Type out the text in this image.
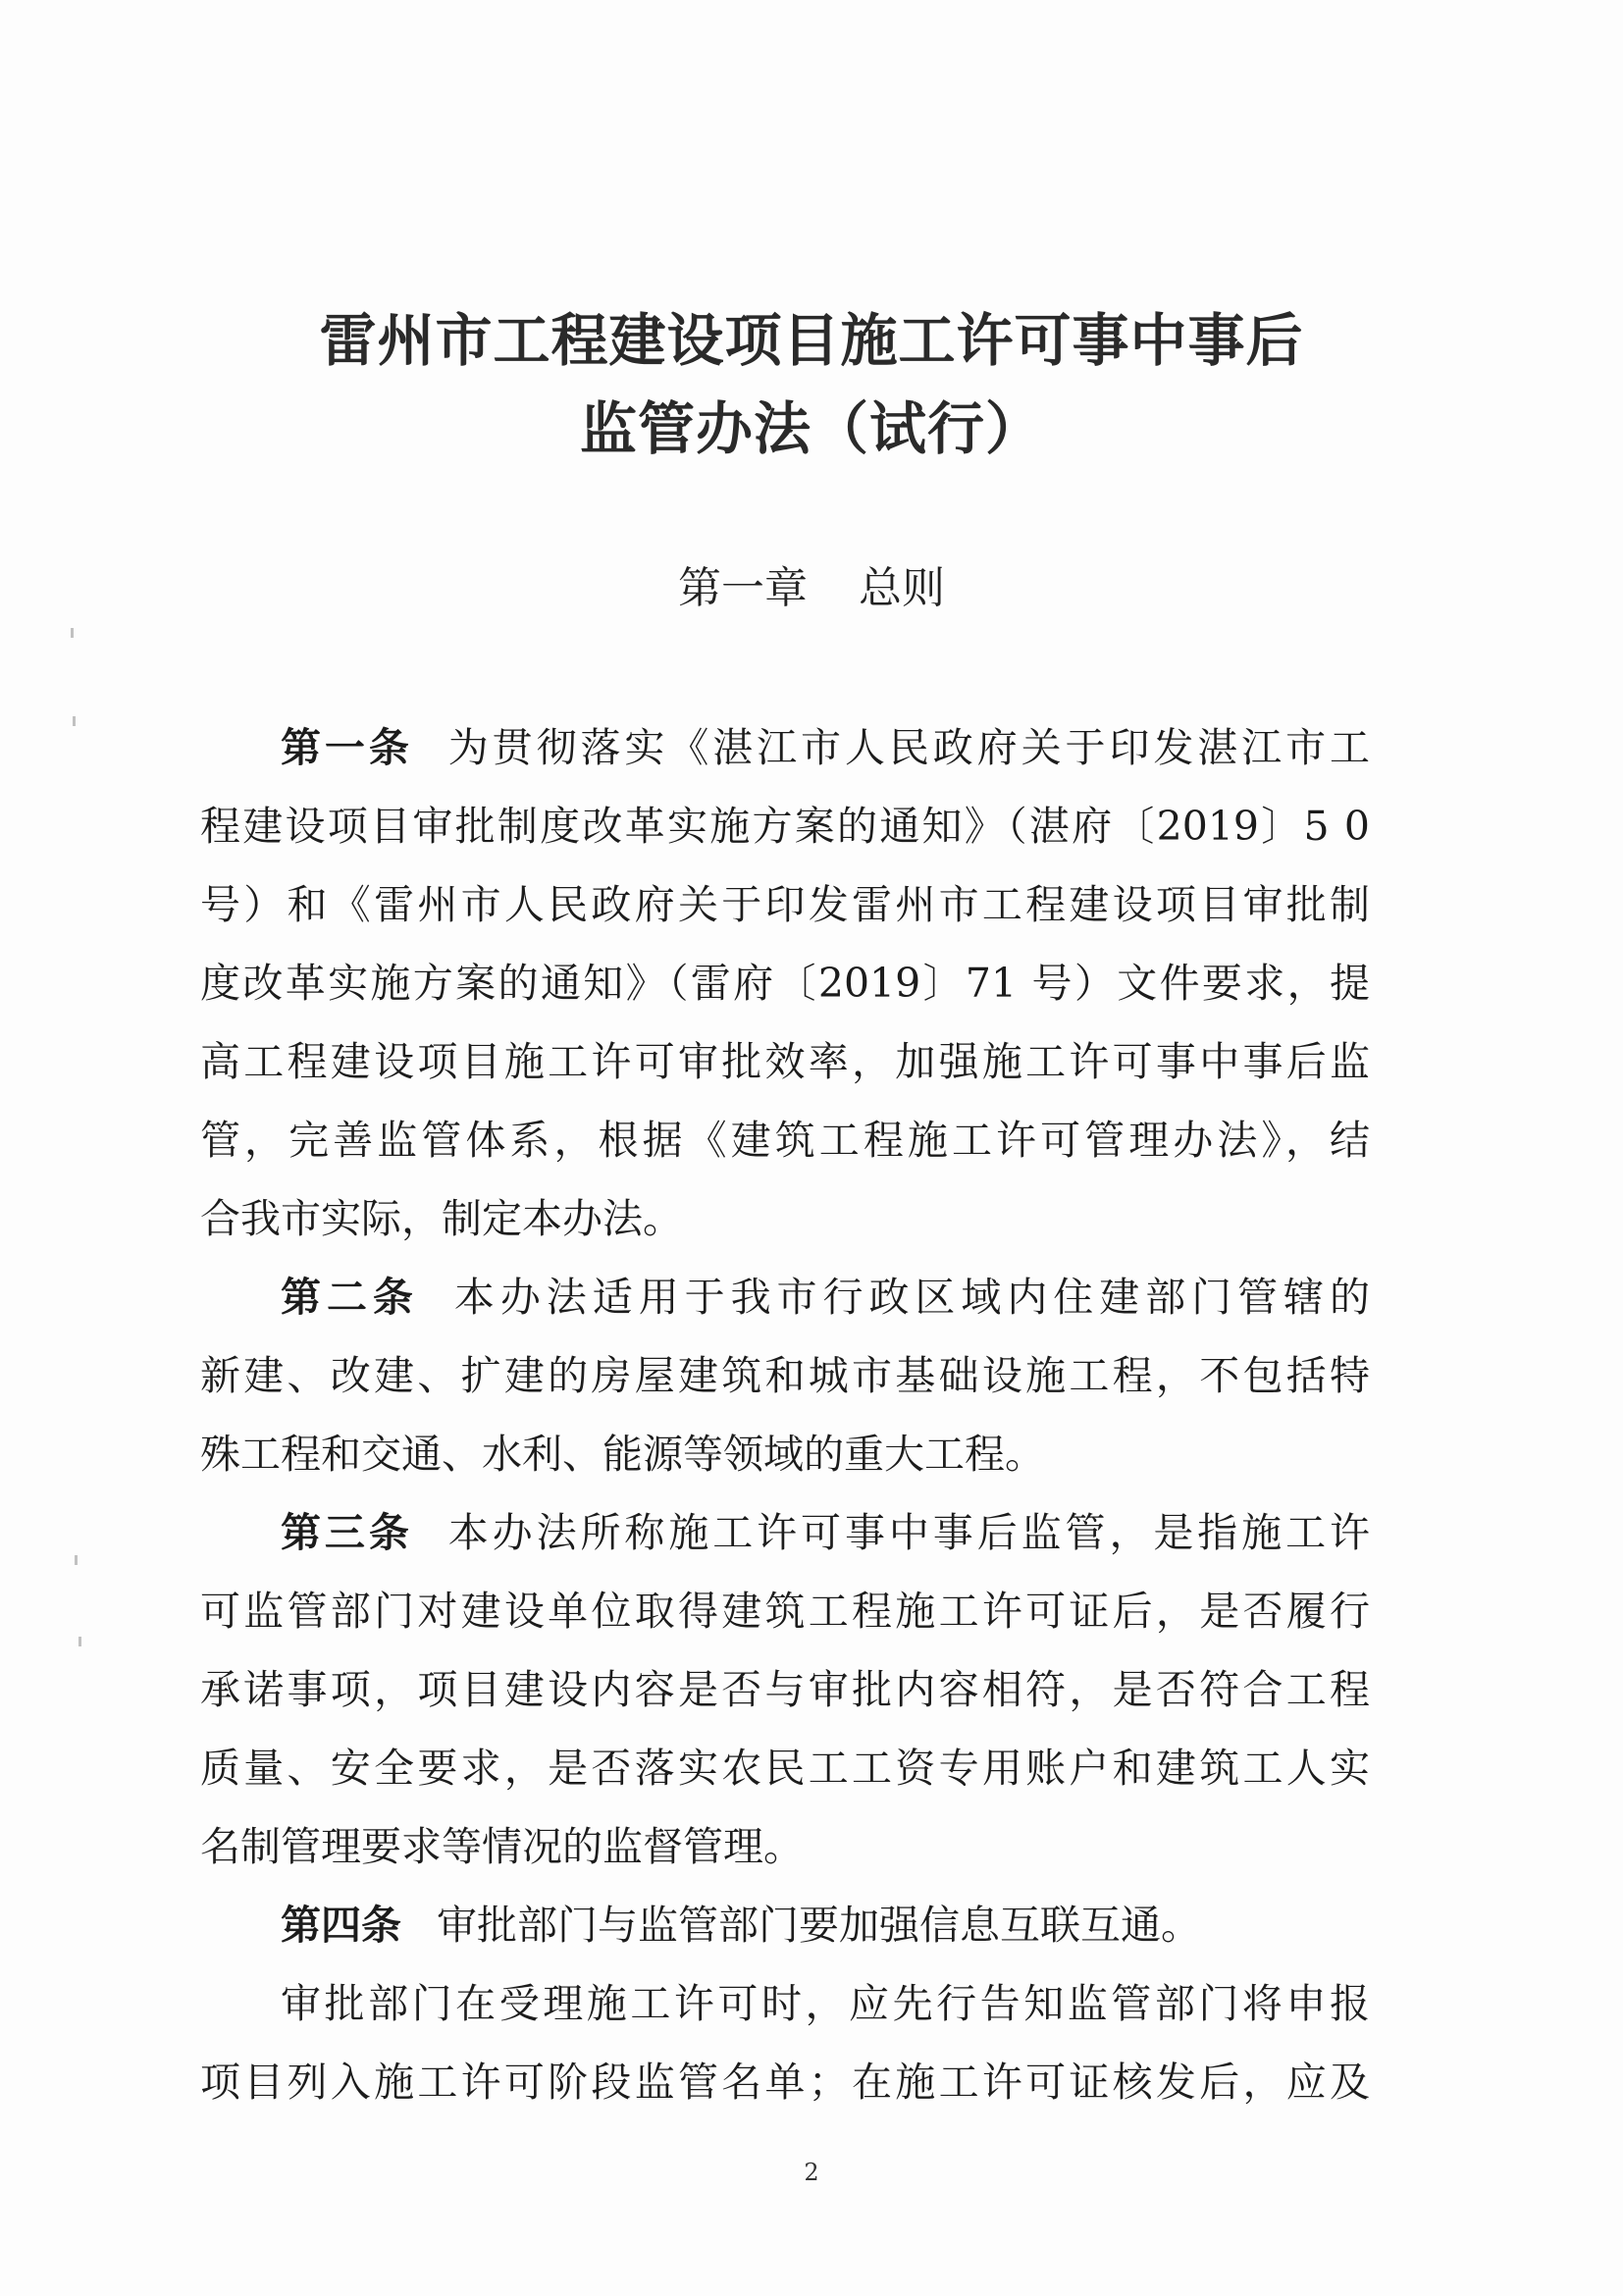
雷州市工程建设项目施工许可事中事后
监管办法（试行）
第一章 总则
第一条 为贯彻落实《湛江市人民政府关于印发湛江市工
程建设项目审批制度改革实施方案的通知》（湛府〔2019〕5 0
号）和《雷州市人民政府关于印发雷州市工程建设项目审批制
度改革实施方案的通知》（雷府〔2019〕71 号）文件要求，提
高工程建设项目施工许可审批效率，加强施工许可事中事后监
管，完善监管体系，根据《建筑工程施工许可管理办法》，结
合我市实际，制定本办法。
第二条 本办法适用于我市行政区域内住建部门管辖的
新建、改建、扩建的房屋建筑和城市基础设施工程，不包括特
殊工程和交通、水利、能源等领域的重大工程。
第三条 本办法所称施工许可事中事后监管，是指施工许
可监管部门对建设单位取得建筑工程施工许可证后，是否履行
承诺事项，项目建设内容是否与审批内容相符，是否符合工程
质量、安全要求，是否落实农民工工资专用账户和建筑工人实
名制管理要求等情况的监督管理。
第四条 审批部门与监管部门要加强信息互联互通。
审批部门在受理施工许可时，应先行告知监管部门将申报
2
项目列入施工许可阶段监管名单；在施工许可证核发后，应及
